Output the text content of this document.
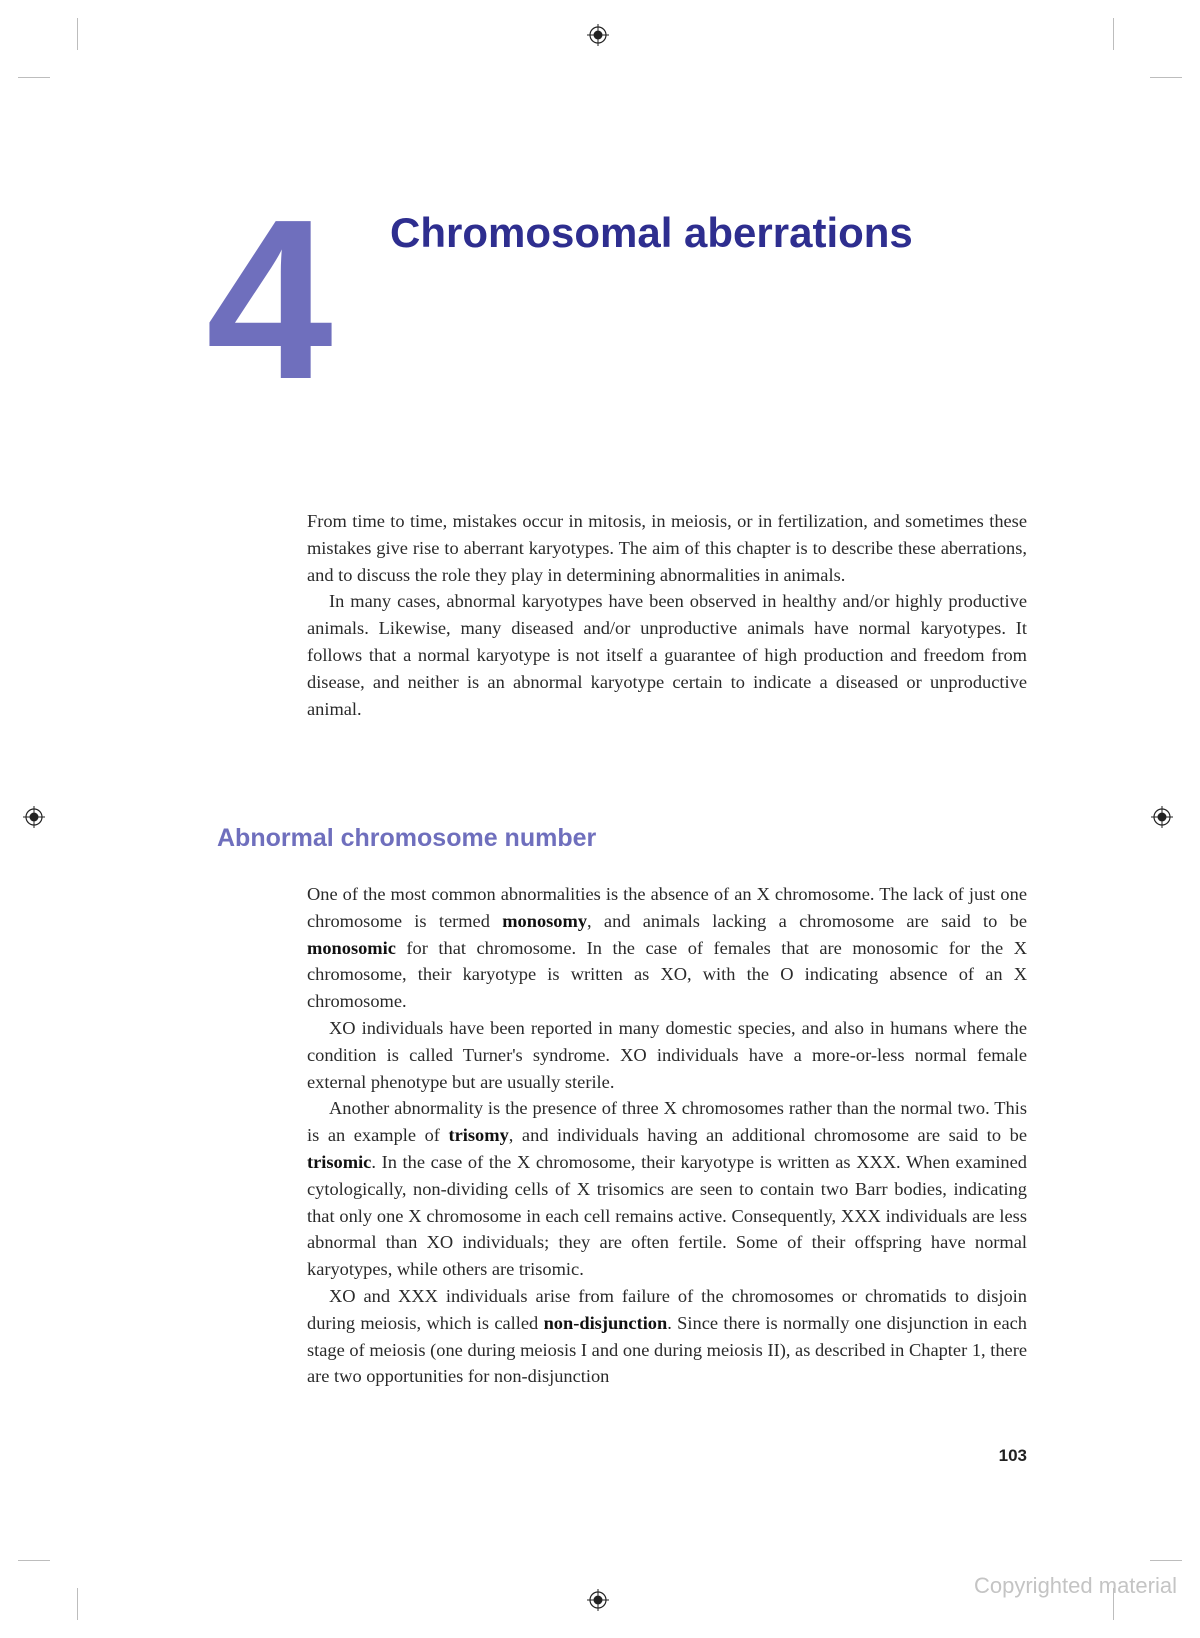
4 Chromosomal aberrations

From time to time, mistakes occur in mitosis, in meiosis, or in fertilization, and sometimes these mistakes give rise to aberrant karyotypes. The aim of this chapter is to describe these aberrations, and to discuss the role they play in determining abnormalities in animals.

In many cases, abnormal karyotypes have been observed in healthy and/or highly productive animals. Likewise, many diseased and/or unproductive animals have normal karyotypes. It follows that a normal karyotype is not itself a guarantee of high production and freedom from disease, and neither is an abnormal karyotype certain to indicate a diseased or unproductive animal.

Abnormal chromosome number

One of the most common abnormalities is the absence of an X chromosome. The lack of just one chromosome is termed monosomy, and animals lacking a chromosome are said to be monosomic for that chromosome. In the case of females that are monosomic for the X chromosome, their karyotype is written as XO, with the O indicating absence of an X chromosome.

XO individuals have been reported in many domestic species, and also in humans where the condition is called Turner's syndrome. XO individuals have a more-or-less normal female external phenotype but are usually sterile.

Another abnormality is the presence of three X chromosomes rather than the normal two. This is an example of trisomy, and individuals having an additional chromosome are said to be trisomic. In the case of the X chromosome, their karyotype is written as XXX. When examined cytologically, non-dividing cells of X trisomics are seen to contain two Barr bodies, indicating that only one X chromosome in each cell remains active. Consequently, XXX individuals are less abnormal than XO individuals; they are often fertile. Some of their offspring have normal karyotypes, while others are trisomic.

XO and XXX individuals arise from failure of the chromosomes or chromatids to disjoin during meiosis, which is called non-disjunction. Since there is normally one disjunction in each stage of meiosis (one during meiosis I and one during meiosis II), as described in Chapter 1, there are two opportunities for non-disjunction

103
Copyrighted material
